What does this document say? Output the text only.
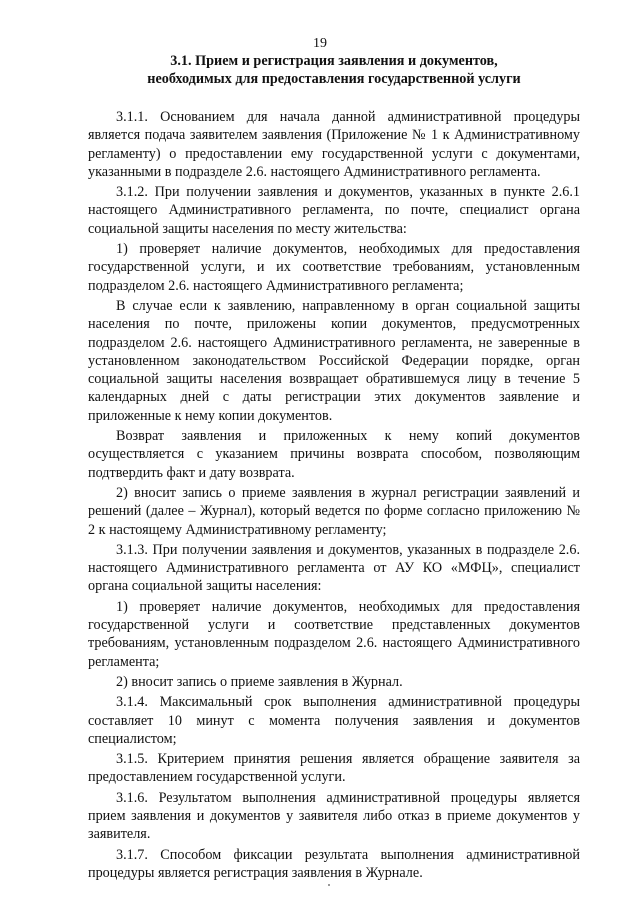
19
3.1. Прием и регистрация заявления и документов,
необходимых для предоставления государственной услуги

3.1.1. Основанием для начала данной административной процедуры является подача заявителем заявления (Приложение № 1 к Административному регламенту) о предоставлении ему государственной услуги с документами, указанными в подразделе 2.6. настоящего Административного регламента.

3.1.2. При получении заявления и документов, указанных в пункте 2.6.1 настоящего Административного регламента, по почте, специалист органа социальной защиты населения по месту жительства:

1) проверяет наличие документов, необходимых для предоставления государственной услуги, и их соответствие требованиям, установленным подразделом 2.6. настоящего Административного регламента;

В случае если к заявлению, направленному в орган социальной защиты населения по почте, приложены копии документов, предусмотренных подразделом 2.6. настоящего Административного регламента, не заверенные в установленном законодательством Российской Федерации порядке, орган социальной защиты населения возвращает обратившемуся лицу в течение 5 календарных дней с даты регистрации этих документов заявление и приложенные к нему копии документов.

Возврат заявления и приложенных к нему копий документов осуществляется с указанием причины возврата способом, позволяющим подтвердить факт и дату возврата.

2) вносит запись о приеме заявления в журнал регистрации заявлений и решений (далее – Журнал), который ведется по форме согласно приложению № 2 к настоящему Административному регламенту;

3.1.3. При получении заявления и документов, указанных в подразделе 2.6. настоящего Административного регламента от АУ КО «МФЦ», специалист органа социальной защиты населения:

1) проверяет наличие документов, необходимых для предоставления государственной услуги и соответствие представленных документов требованиям, установленным подразделом 2.6. настоящего Административного регламента;

2) вносит запись о приеме заявления в Журнал.

3.1.4. Максимальный срок выполнения административной процедуры составляет 10 минут с момента получения заявления и документов специалистом;

3.1.5. Критерием принятия решения является обращение заявителя за предоставлением государственной услуги.

3.1.6. Результатом выполнения административной процедуры является прием заявления и документов у заявителя либо отказ в приеме документов у заявителя.

3.1.7. Способом фиксации результата выполнения административной процедуры является регистрация заявления в Журнале.
